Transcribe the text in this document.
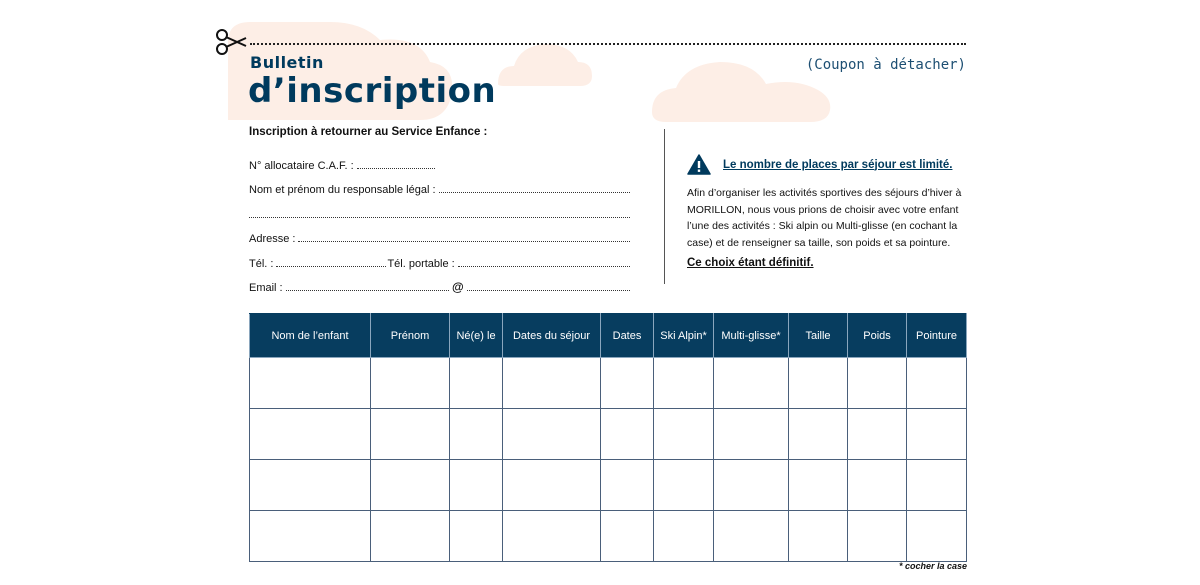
Bulletin
d’inscription
(Coupon à détacher)
Inscription à retourner au Service Enfance :
N° allocataire C.A.F. :
Nom et prénom du responsable légal :
Adresse :
Tél. :	Tél. portable :
Email :	@
Le nombre de places par séjour est limité.
Afin d’organiser les activités sportives des séjours d’hiver à MORILLON, nous vous prions de choisir avec votre enfant l’une des activités : Ski alpin ou Multi-glisse (en cochant la case) et de renseigner sa taille, son poids et sa pointure.
Ce choix étant définitif.
Nom de l’enfant	Prénom	Né(e) le	Dates du séjour	Dates	Ski Alpin*	Multi-glisse*	Taille	Poids	Pointure

* cocher la case
